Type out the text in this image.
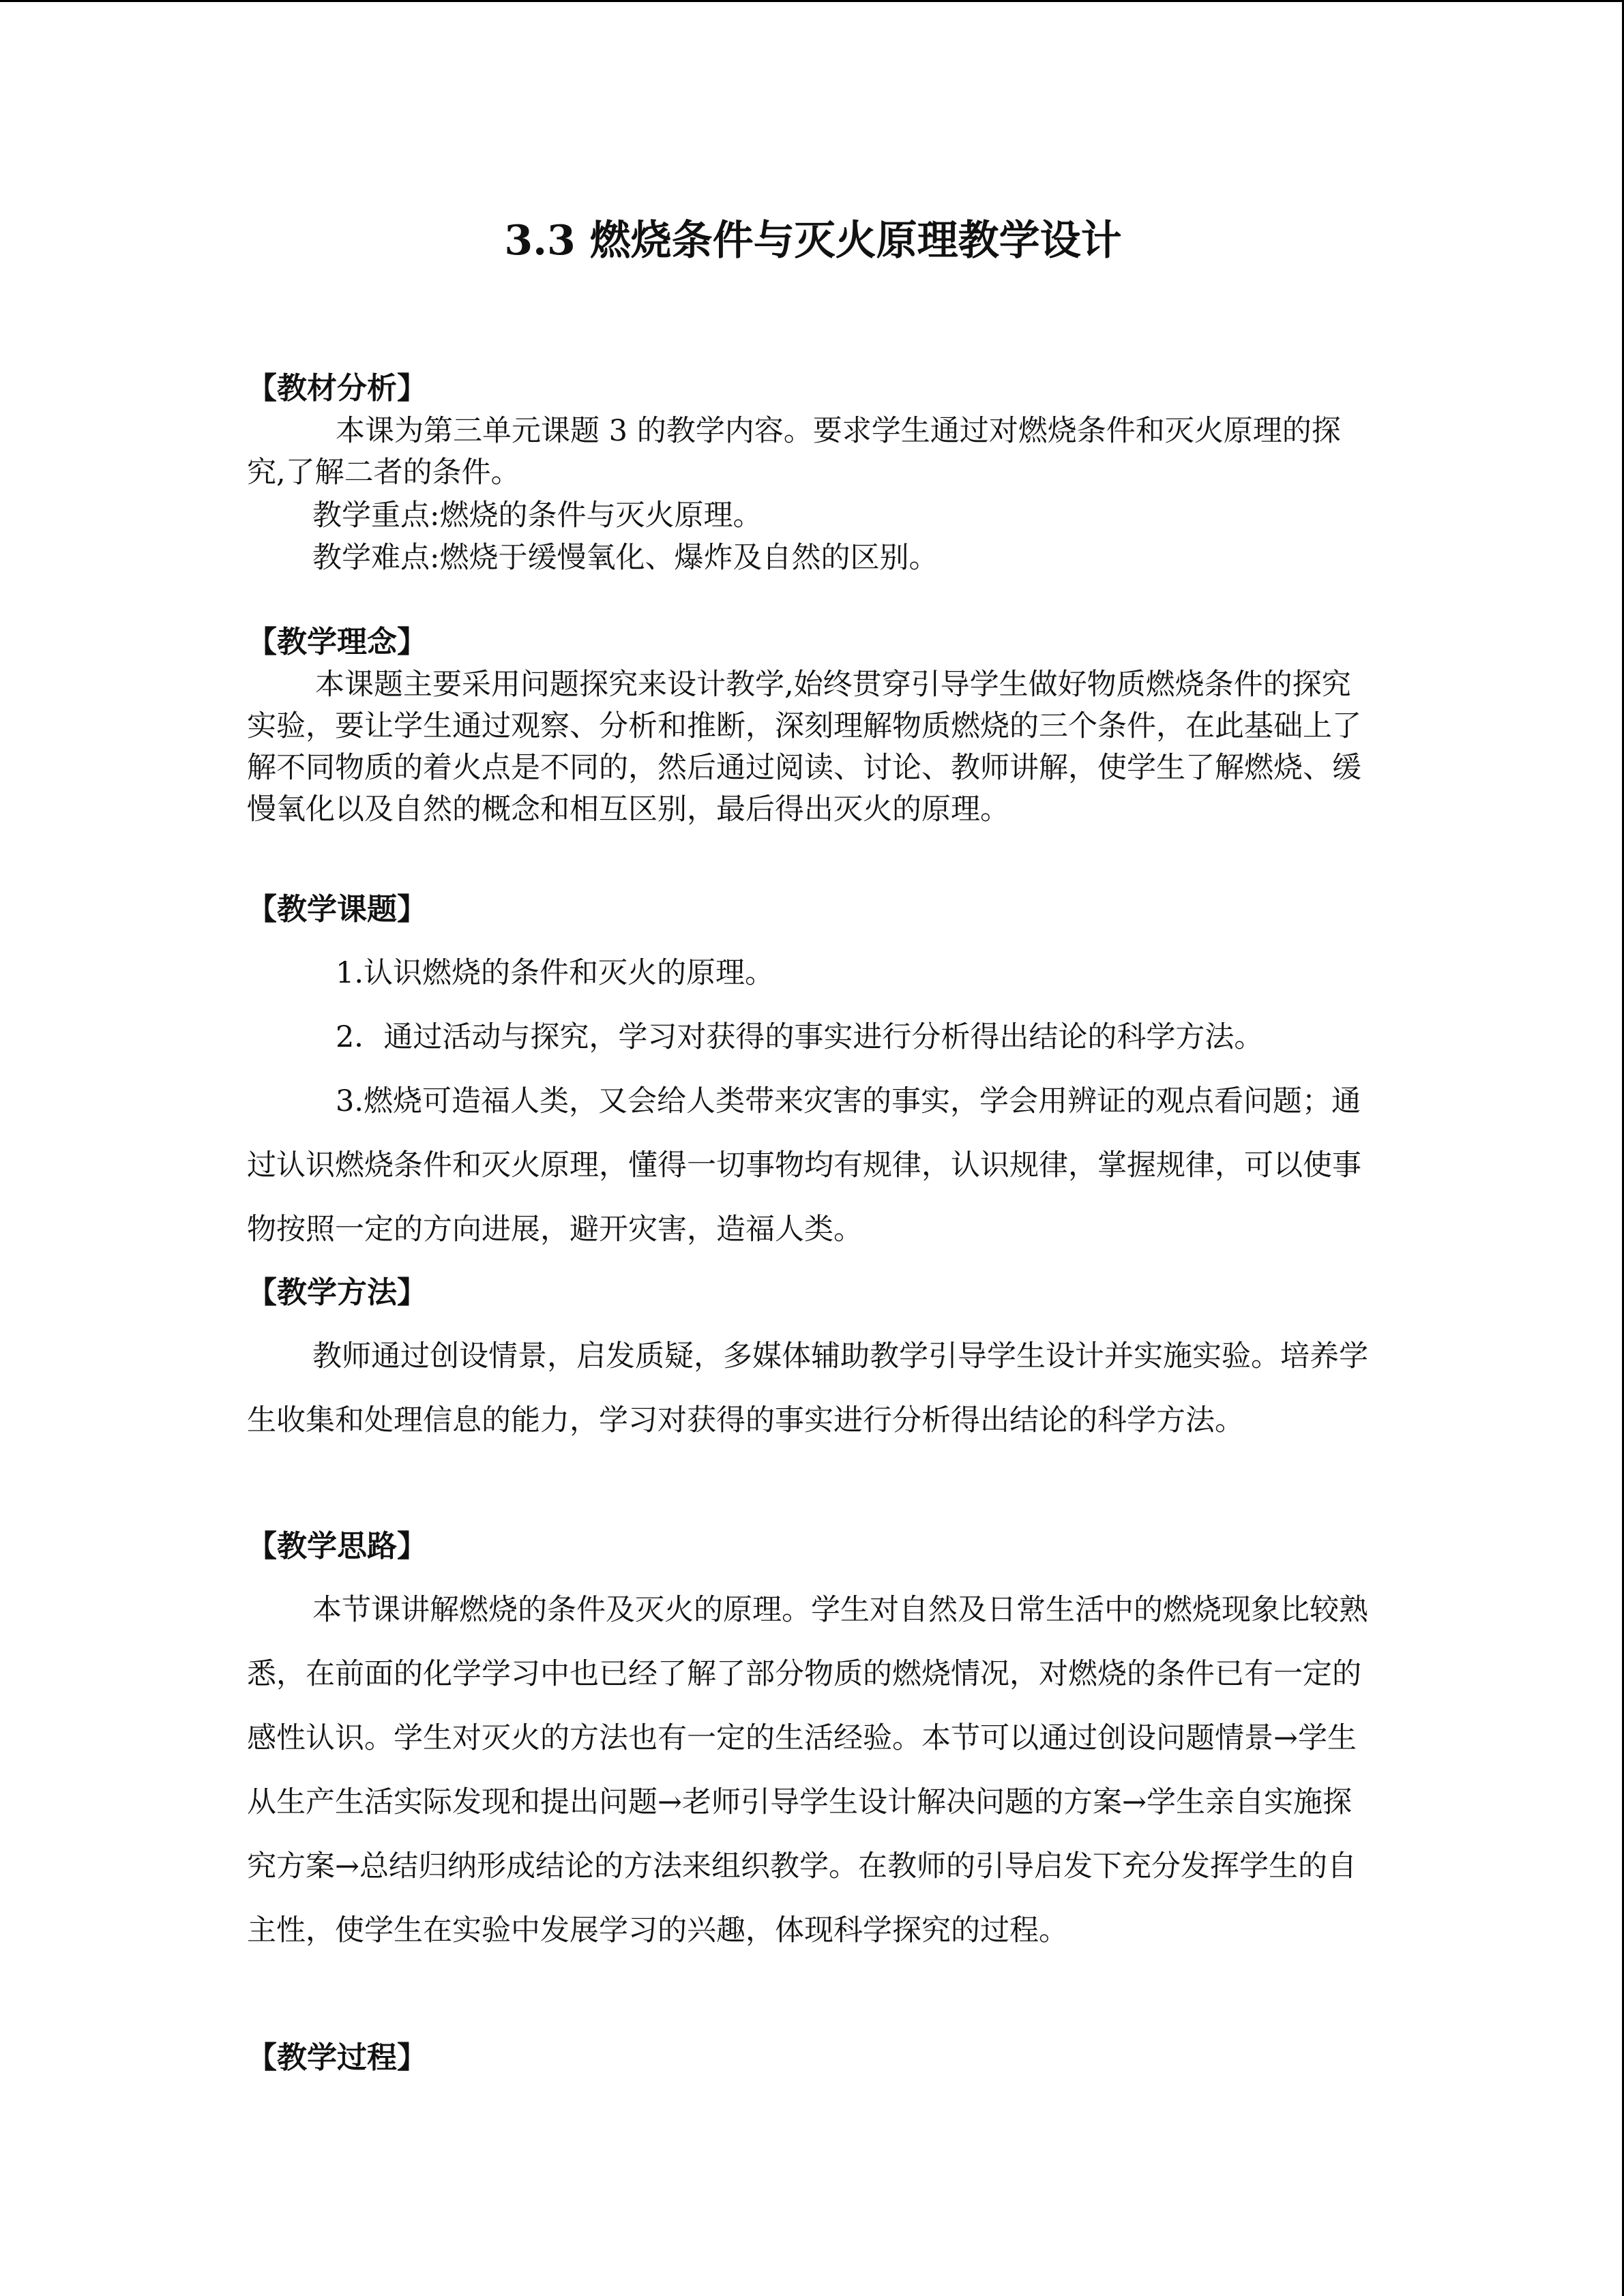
3.3 燃烧条件与灭火原理教学设计
【教材分析】

本课为第三单元课题 3 的教学内容。要求学生通过对燃烧条件和灭火原理的探究,了解二者的条件。

教学重点:燃烧的条件与灭火原理。

教学难点:燃烧于缓慢氧化、爆炸及自然的区别。

【教学理念】

本课题主要采用问题探究来设计教学,始终贯穿引导学生做好物质燃烧条件的探究实验，要让学生通过观察、分析和推断，深刻理解物质燃烧的三个条件，在此基础上了解不同物质的着火点是不同的，然后通过阅读、讨论、教师讲解，使学生了解燃烧、缓慢氧化以及自然的概念和相互区别，最后得出灭火的原理。

【教学课题】

1.认识燃烧的条件和灭火的原理。

2．通过活动与探究，学习对获得的事实进行分析得出结论的科学方法。

3.燃烧可造福人类，又会给人类带来灾害的事实，学会用辨证的观点看问题；通过认识燃烧条件和灭火原理，懂得一切事物均有规律，认识规律，掌握规律，可以使事物按照一定的方向进展，避开灾害，造福人类。

【教学方法】

教师通过创设情景，启发质疑，多媒体辅助教学引导学生设计并实施实验。培养学生收集和处理信息的能力，学习对获得的事实进行分析得出结论的科学方法。

【教学思路】

本节课讲解燃烧的条件及灭火的原理。学生对自然及日常生活中的燃烧现象比较熟悉，在前面的化学学习中也已经了解了部分物质的燃烧情况，对燃烧的条件已有一定的感性认识。学生对灭火的方法也有一定的生活经验。本节可以通过创设问题情景→学生从生产生活实际发现和提出问题→老师引导学生设计解决问题的方案→学生亲自实施探究方案→总结归纳形成结论的方法来组织教学。在教师的引导启发下充分发挥学生的自主性，使学生在实验中发展学习的兴趣，体现科学探究的过程。

【教学过程】
